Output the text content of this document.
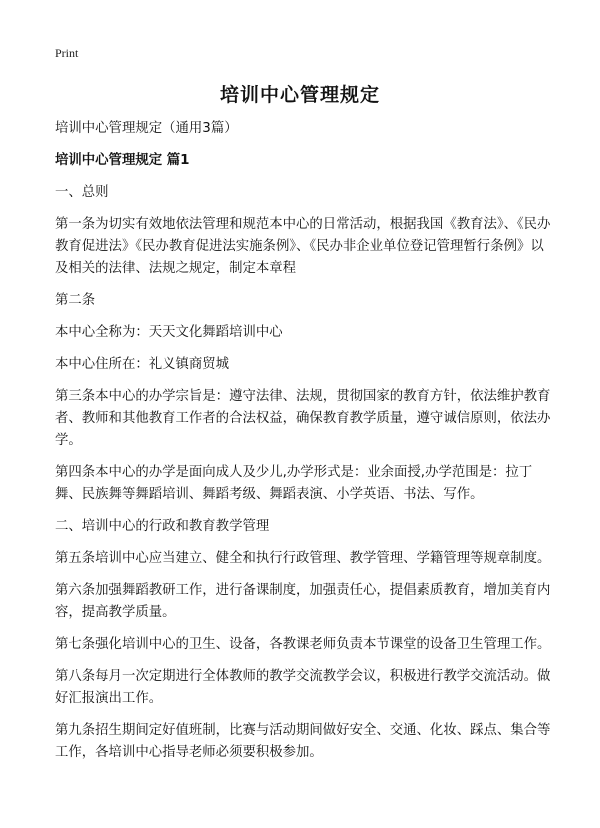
Print
培训中心管理规定

培训中心管理规定（通用3篇）

培训中心管理规定 篇1

一、总则

第一条为切实有效地依法管理和规范本中心的日常活动，根据我国《教育法》、《民办教育促进法》《民办教育促进法实施条例》、《民办非企业单位登记管理暂行条例》以及相关的法律、法规之规定，制定本章程

第二条

本中心全称为：天天文化舞蹈培训中心

本中心住所在：礼义镇商贸城

第三条本中心的办学宗旨是：遵守法律、法规，贯彻国家的教育方针，依法维护教育者、教师和其他教育工作者的合法权益，确保教育教学质量，遵守诚信原则，依法办学。

第四条本中心的办学是面向成人及少儿,办学形式是：业余面授,办学范围是：拉丁舞、民族舞等舞蹈培训、舞蹈考级、舞蹈表演、小学英语、书法、写作。

二、培训中心的行政和教育教学管理

第五条培训中心应当建立、健全和执行行政管理、教学管理、学籍管理等规章制度。

第六条加强舞蹈教研工作，进行备课制度，加强责任心，提倡素质教育，增加美育内容，提高教学质量。

第七条强化培训中心的卫生、设备，各教课老师负责本节课堂的设备卫生管理工作。

第八条每月一次定期进行全体教师的教学交流教学会议，积极进行教学交流活动。做好汇报演出工作。

第九条招生期间定好值班制，比赛与活动期间做好安全、交通、化妆、踩点、集合等工作，各培训中心指导老师必须要积极参加。
